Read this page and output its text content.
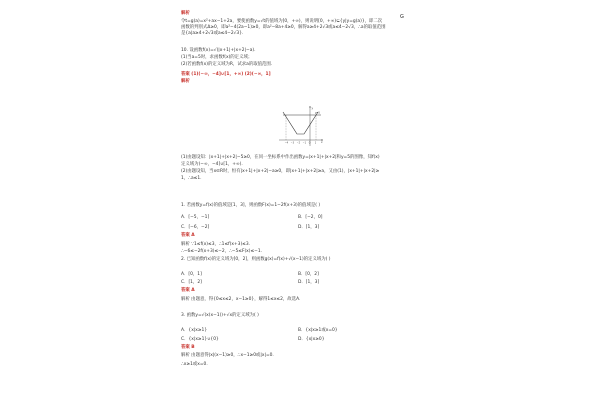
G
解析
令t=g(a)=x²+ax−1+2a，要使函数y=√t的值域为[0，+∞)，则说明[0，+∞)⊆{y|y=g(a)}，即二次
函数的判别式Δ≥0，即a²−4(2a−1)≥0，即a²−8a+4≥0，解得a≥4+2√3或a≤4−2√3，∴a的取值范围
是{a|a≥4+2√3或a≤4−2√3}.
10. 设函数f(x)=√(|x+1|+|x+2|−a).
(1)当a=5时，求函数f(x)的定义域；
(2)若函数f(x)的定义域为R，试求a的取值范围.
答案 (1)(−∞，−4]∪[1，+∞) (2)(−∞，1]
解析
(1)由题设知：|x+1|+|x+2|−5≥0，在同一坐标系中作出函数y=|x+1|+|x+2|和y=5的图像，知f(x)
定义域为(−∞，−4]∪[1，+∞).
(2)由题设知，当x∈R时，恒有|x+1|+|x+2|−a≥0，即|x+1|+|x+2|≥a，又由(1)，|x+1|+|x+2|≥
1，∴a≤1.
1. 若函数y=f(x)的值域是[1，3]，则函数F(x)=1−2f(x+3)的值域是( )
C．[−6，−2]
答案 A
解析 ∵1≤f(x)≤3，∴1≤f(x+3)≤3.
∴−6≤−2f(x+3)≤−2，∴−5≤F(x)≤−1.
2. 已知函数f(x)的定义域为[0，2]，则函数g(x)=f(x)+√(x−1)的定义域为( )
A．[0，1]
C．[1，2]
答案 A
解析 由题意，得{0≤x≤2，x−1≥0}，解得1≤x≤2，故选A.
3. 函数y=√(x(x−1))+√x的定义域为( )
A．{x|x≥1}
C．{x|x≥1}∪{0}
答案 B
解析 由题意得|x|(x−1)≥0，∴x−1≥0或|x|=0.
∴x≥1或x=0.
B．[−2，0]
D．[1，3]
B．[0，2]
D．[1，3]
B．{x|x≥1或x=0}
D．{x|x≥0}
A．[−5，−1]
y
x
y=5
−4 −3 −2 −1 O 1
